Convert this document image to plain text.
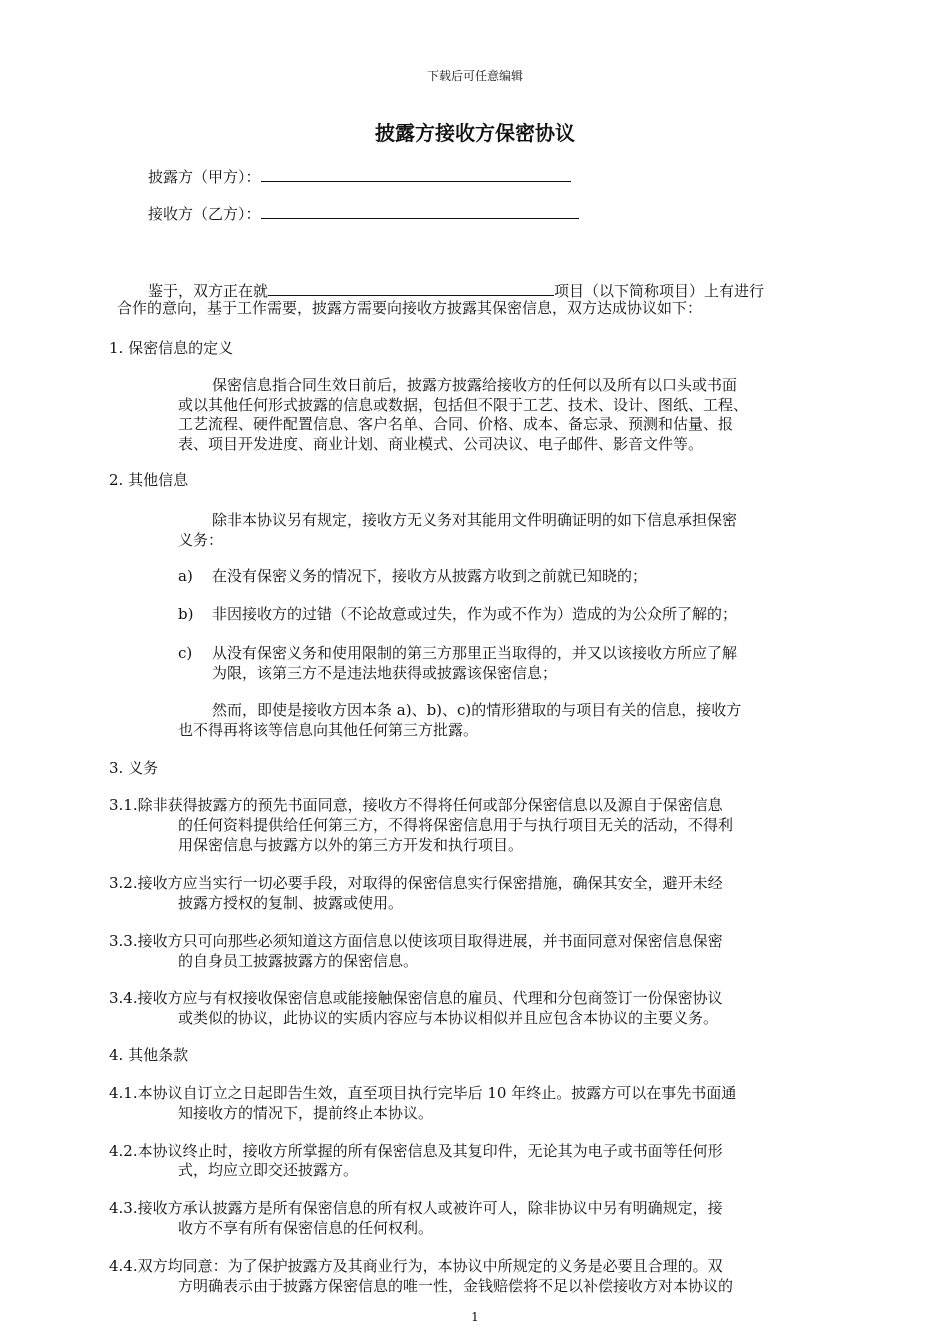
下载后可任意编辑
披露方接收方保密协议
披露方（甲方）：
接收方（乙方）：
鉴于，双方正在就	项目（以下简称项目）上有进行
合作的意向，基于工作需要，披露方需要向接收方披露其保密信息，双方达成协议如下：
1. 保密信息的定义
保密信息指合同生效日前后，披露方披露给接收方的任何以及所有以口头或书面
或以其他任何形式披露的信息或数据，包括但不限于工艺、技术、设计、图纸、工程、
工艺流程、硬件配置信息、客户名单、合同、价格、成本、备忘录、预测和估量、报
表、项目开发进度、商业计划、商业模式、公司决议、电子邮件、影音文件等。
2. 其他信息
除非本协议另有规定，接收方无义务对其能用文件明确证明的如下信息承担保密
义务：
a) 在没有保密义务的情况下，接收方从披露方收到之前就已知晓的；
b) 非因接收方的过错（不论故意或过失，作为或不作为）造成的为公众所了解的；
c) 从没有保密义务和使用限制的第三方那里正当取得的，并又以该接收方所应了解
为限，该第三方不是违法地获得或披露该保密信息；
然而，即使是接收方因本条 a)、b)、c)的情形猎取的与项目有关的信息，接收方
也不得再将该等信息向其他任何第三方批露。
3. 义务
3.1.除非获得披露方的预先书面同意，接收方不得将任何或部分保密信息以及源自于保密信息
的任何资料提供给任何第三方，不得将保密信息用于与执行项目无关的活动，不得利
用保密信息与披露方以外的第三方开发和执行项目。
3.2.接收方应当实行一切必要手段，对取得的保密信息实行保密措施，确保其安全，避开未经
披露方授权的复制、披露或使用。
3.3.接收方只可向那些必须知道这方面信息以使该项目取得进展，并书面同意对保密信息保密
的自身员工披露披露方的保密信息。
3.4.接收方应与有权接收保密信息或能接触保密信息的雇员、代理和分包商签订一份保密协议
或类似的协议，此协议的实质内容应与本协议相似并且应包含本协议的主要义务。
4. 其他条款
4.1.本协议自订立之日起即告生效，直至项目执行完毕后 10 年终止。披露方可以在事先书面通
知接收方的情况下，提前终止本协议。
4.2.本协议终止时，接收方所掌握的所有保密信息及其复印件，无论其为电子或书面等任何形
式，均应立即交还披露方。
4.3.接收方承认披露方是所有保密信息的所有权人或被许可人，除非协议中另有明确规定，接
收方不享有所有保密信息的任何权利。
4.4.双方均同意：为了保护披露方及其商业行为，本协议中所规定的义务是必要且合理的。双
方明确表示由于披露方保密信息的唯一性，金钱赔偿将不足以补偿接收方对本协议的
1
